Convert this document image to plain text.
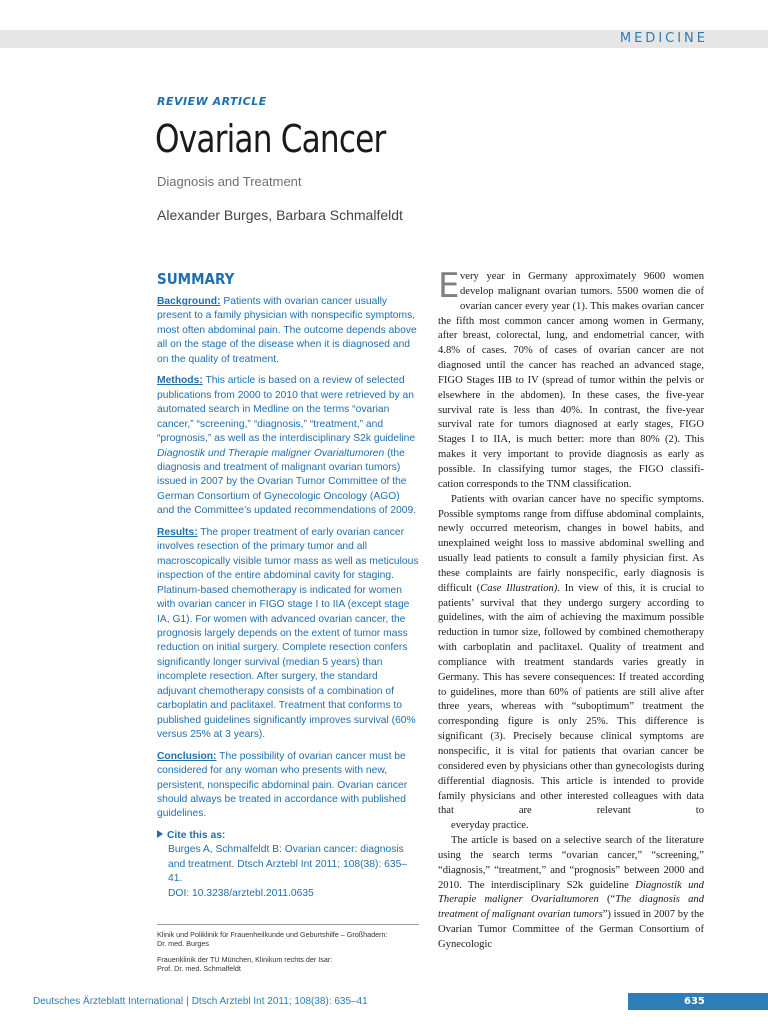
MEDICINE
REVIEW ARTICLE
Ovarian Cancer
Diagnosis and Treatment
Alexander Burges, Barbara Schmalfeldt
SUMMARY

Background: Patients with ovarian cancer usually present to a family physician with nonspecific symptoms, most often abdominal pain. The outcome depends above all on the stage of the disease when it is diagnosed and on the quality of treatment.

Methods: This article is based on a review of selected publications from 2000 to 2010 that were retrieved by an automated search in Medline on the terms “ovarian cancer,” “screening,” “diagnosis,” “treatment,” and “prognosis,” as well as the interdisciplinary S2k guideline Diagnostik und Therapie maligner Ovarialtumoren (the diagnosis and treatment of malignant ovarian tumors) issued in 2007 by the Ovarian Tumor Committee of the German Consortium of Gynecologic Oncology (AGO) and the Committee’s updated recommendations of 2009.

Results: The proper treatment of early ovarian cancer involves resection of the primary tumor and all macroscopically visible tumor mass as well as meticulous inspection of the entire abdominal cavity for staging. Platinum-based chemotherapy is indicated for women with ovarian cancer in FIGO stage I to IIA (except stage IA, G1). For women with advanced ovarian cancer, the prognosis largely depends on the extent of tumor mass reduction on initial surgery. Complete resection confers significantly longer survival (median 5 years) than incomplete resection. After surgery, the standard adjuvant chemotherapy consists of a combination of carboplatin and paclitaxel. Treatment that conforms to published guidelines significantly improves survival (60% versus 25% at 3 years).

Conclusion: The possibility of ovarian cancer must be considered for any woman who presents with new, persistent, nonspecific abdominal pain. Ovarian cancer should always be treated in accordance with published guidelines.

Cite this as:
Burges A, Schmalfeldt B: Ovarian cancer: diagnosis
and treatment. Dtsch Arztebl Int 2011; 108(38): 635–41.
DOI: 10.3238/arztebl.2011.0635

Klinik und Poliklinik für Frauenheilkunde und Geburtshilfe – Großhadern:
Dr. med. Burges

Frauenklinik der TU München, Klinikum rechts der Isar:
Prof. Dr. med. Schmalfeldt

Every year in Germany approximately 9600 women develop malignant ovarian tumors. 5500 women die of ovarian cancer every year (1). This makes ovarian cancer the fifth most common cancer among women in Germany, after breast, colorectal, lung, and endometrial cancer, with 4.8% of cases. 70% of cases of ovarian cancer are not diagnosed until the cancer has reached an advanced stage, FIGO Stages IIB to IV (spread of tumor within the pelvis or elsewhere in the abdomen). In these cases, the five-year survival rate is less than 40%. In contrast, the five-year survival rate for tumors diagnosed at early stages, FIGO Stages I to IIA, is much better: more than 80% (2). This makes it very important to provide diagnosis as early as possible. In classifying tumor stages, the FIGO classifi-
cation corresponds to the TNM classification.

Patients with ovarian cancer have no specific symptoms. Possible symptoms range from diffuse abdominal complaints, newly occurred meteorism, changes in bowel habits, and unexplained weight loss to massive abdominal swelling and usually lead patients to consult a family physician first. As these complaints are fairly nonspecific, early diagnosis is difficult (Case Illustration). In view of this, it is crucial to patients’ survival that they undergo surgery according to guidelines, with the aim of achieving the maximum possible reduction in tumor size, followed by combined chemotherapy with carboplatin and paclitaxel. Quality of treatment and compliance with treatment standards varies greatly in Germany. This has severe consequences: If treated according to guidelines, more than 60% of patients are still alive after three years, whereas with “suboptimum” treatment the corresponding figure is only 25%. This difference is significant (3). Precisely because clinical symptoms are nonspecific, it is vital for patients that ovarian cancer be considered even by physicians other than gynecologists during differential diagnosis. This article is intended to provide family physicians and other interested colleagues with data that are relevant to
everyday practice.

The article is based on a selective search of the literature using the search terms “ovarian cancer,” “screening,” “diagnosis,” “treatment,” and “prognosis” between 2000 and 2010. The interdisciplinary S2k guideline Diagnostik und Therapie maligner Ovarialtumoren (“The diagnosis and treatment of malignant ovarian tumors”) issued in 2007 by the Ovarian Tumor Committee of the German Consortium of Gynecologic

Deutsches Ärzteblatt International | Dtsch Arztebl Int 2011; 108(38): 635–41	635
